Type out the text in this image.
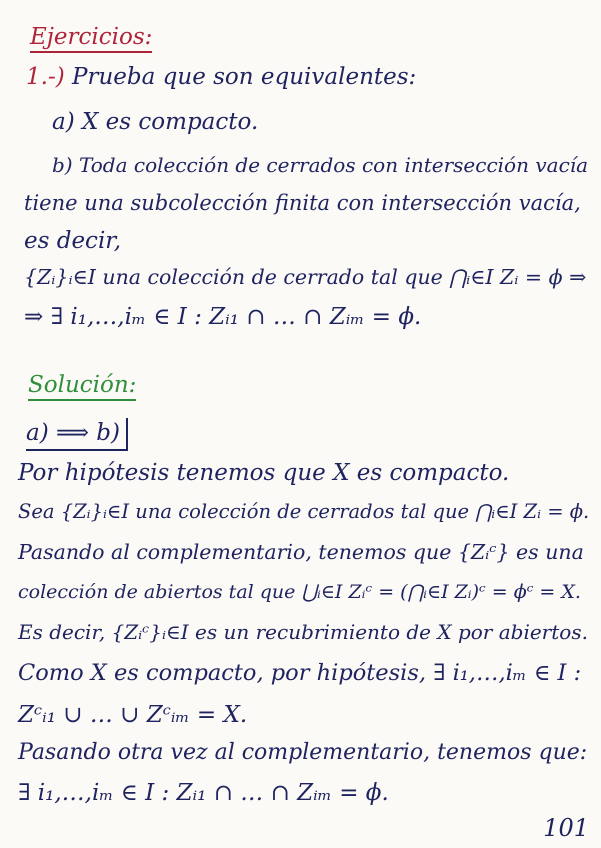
Ejercicios:
1.-) Prueba que son equivalentes:
a) X es compacto.
b) Toda colección de cerrados con intersección vacía
tiene una subcolección finita con intersección vacía,
es decir,
{Zᵢ}ᵢ∈I una colección de cerrado tal que ⋂ᵢ∈I Zᵢ = ϕ ⇒
⇒ ∃ i₁,…,iₘ ∈ I : Zᵢ₁ ∩ … ∩ Zᵢₘ = ϕ.
Solución:
a) ⟹ b)
Por hipótesis tenemos que X es compacto.
Sea {Zᵢ}ᵢ∈I una colección de cerrados tal que ⋂ᵢ∈I Zᵢ = ϕ.
Pasando al complementario, tenemos que {Zᵢᶜ} es una
colección de abiertos tal que ⋃ᵢ∈I Zᵢᶜ = (⋂ᵢ∈I Zᵢ)ᶜ = ϕᶜ = X.
Es decir, {Zᵢᶜ}ᵢ∈I es un recubrimiento de X por abiertos.
Como X es compacto, por hipótesis, ∃ i₁,…,iₘ ∈ I :
Zᶜᵢ₁ ∪ … ∪ Zᶜᵢₘ = X.
Pasando otra vez al complementario, tenemos que:
∃ i₁,…,iₘ ∈ I : Zᵢ₁ ∩ … ∩ Zᵢₘ = ϕ.
101
